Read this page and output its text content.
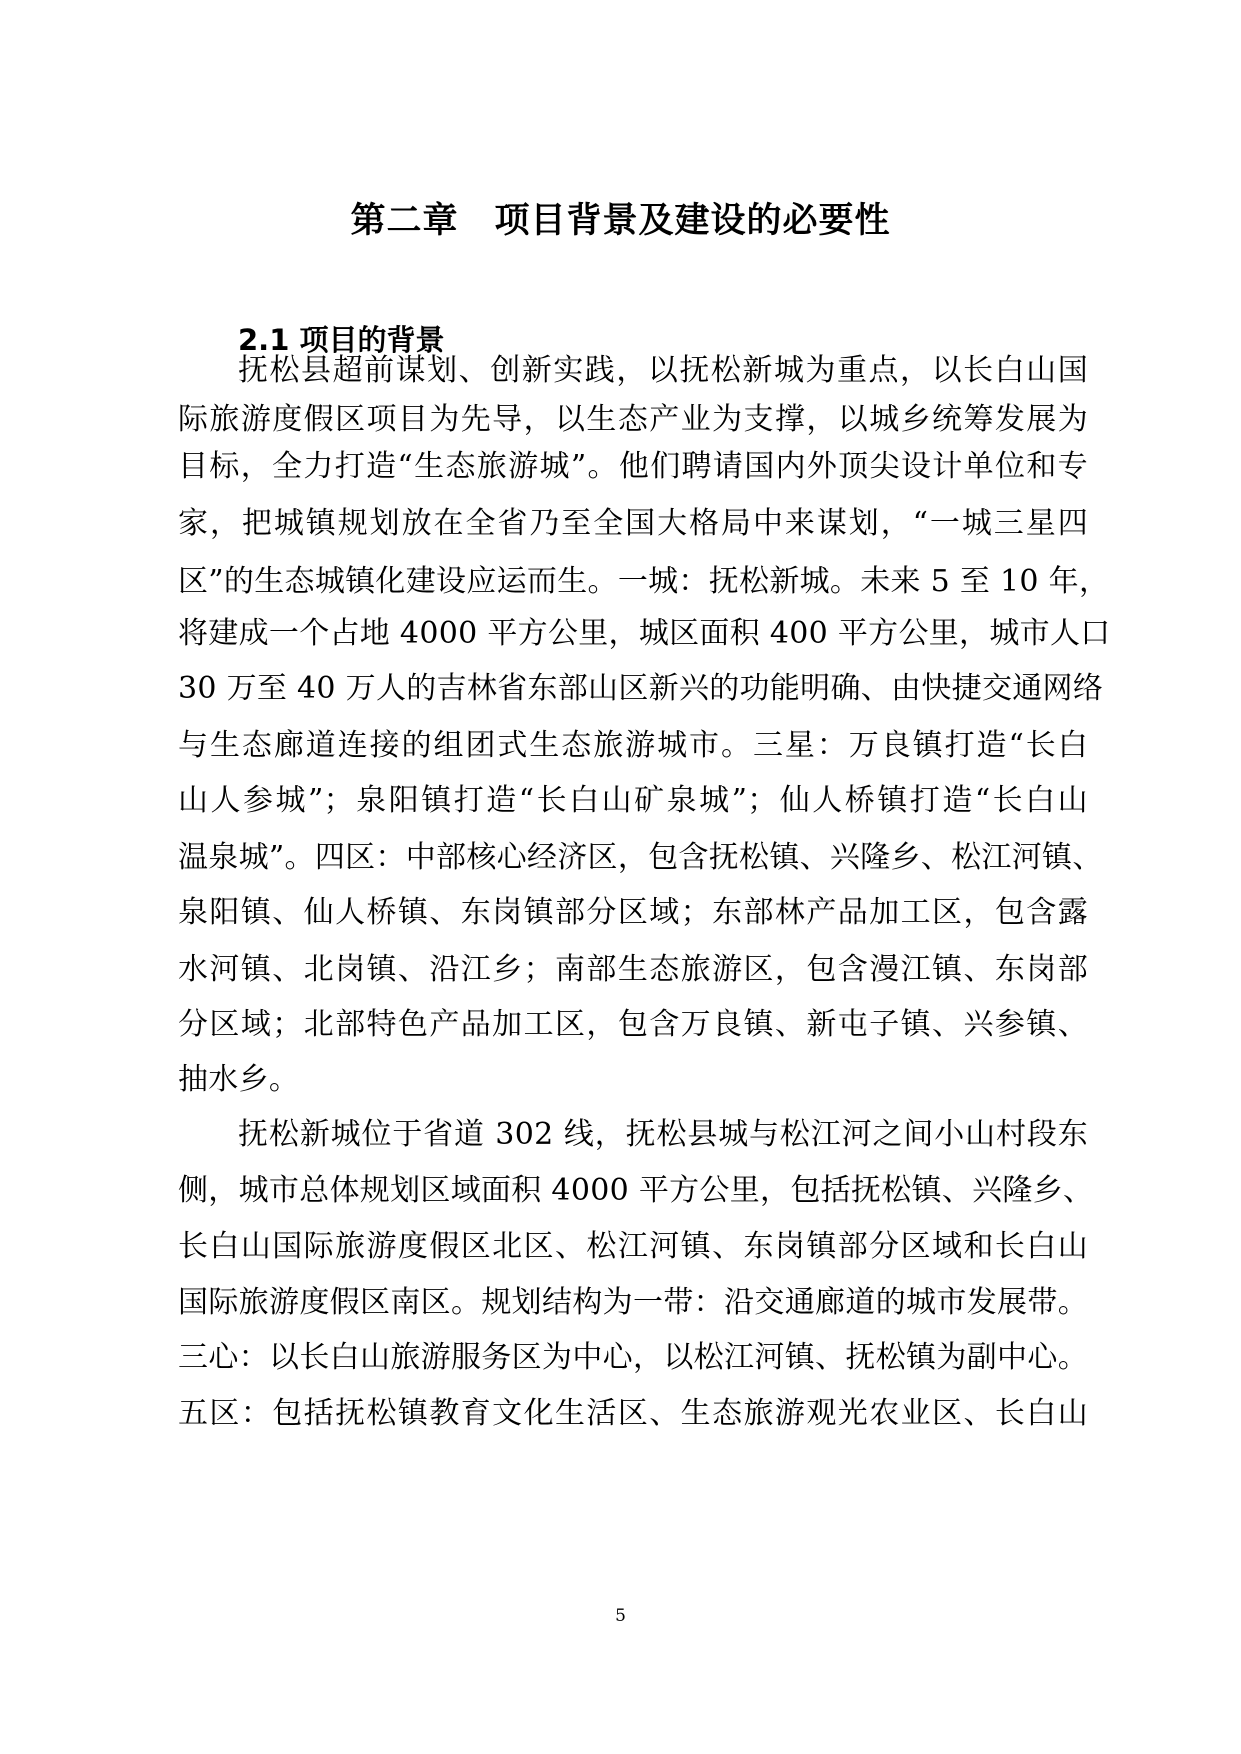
第二章　项目背景及建设的必要性
2.1 项目的背景
抚松县超前谋划、创新实践，以抚松新城为重点，以长白山国
际旅游度假区项目为先导，以生态产业为支撑，以城乡统筹发展为
目标，全力打造“生态旅游城”。他们聘请国内外顶尖设计单位和专
家，把城镇规划放在全省乃至全国大格局中来谋划，“一城三星四
区”的生态城镇化建设应运而生。一城：抚松新城。未来 5 至 10 年，
将建成一个占地 4000 平方公里，城区面积 400 平方公里，城市人口
30 万至 40 万人的吉林省东部山区新兴的功能明确、由快捷交通网络
与生态廊道连接的组团式生态旅游城市。三星：万良镇打造“长白
山人参城”；泉阳镇打造“长白山矿泉城”；仙人桥镇打造“长白山
温泉城”。四区：中部核心经济区，包含抚松镇、兴隆乡、松江河镇、
泉阳镇、仙人桥镇、东岗镇部分区域；东部林产品加工区，包含露
水河镇、北岗镇、沿江乡；南部生态旅游区，包含漫江镇、东岗部
分区域；北部特色产品加工区，包含万良镇、新屯子镇、兴参镇、
抽水乡。
抚松新城位于省道 302 线，抚松县城与松江河之间小山村段东
侧，城市总体规划区域面积 4000 平方公里，包括抚松镇、兴隆乡、
长白山国际旅游度假区北区、松江河镇、东岗镇部分区域和长白山
国际旅游度假区南区。规划结构为一带：沿交通廊道的城市发展带。
三心：以长白山旅游服务区为中心，以松江河镇、抚松镇为副中心。
五区：包括抚松镇教育文化生活区、生态旅游观光农业区、长白山
5
